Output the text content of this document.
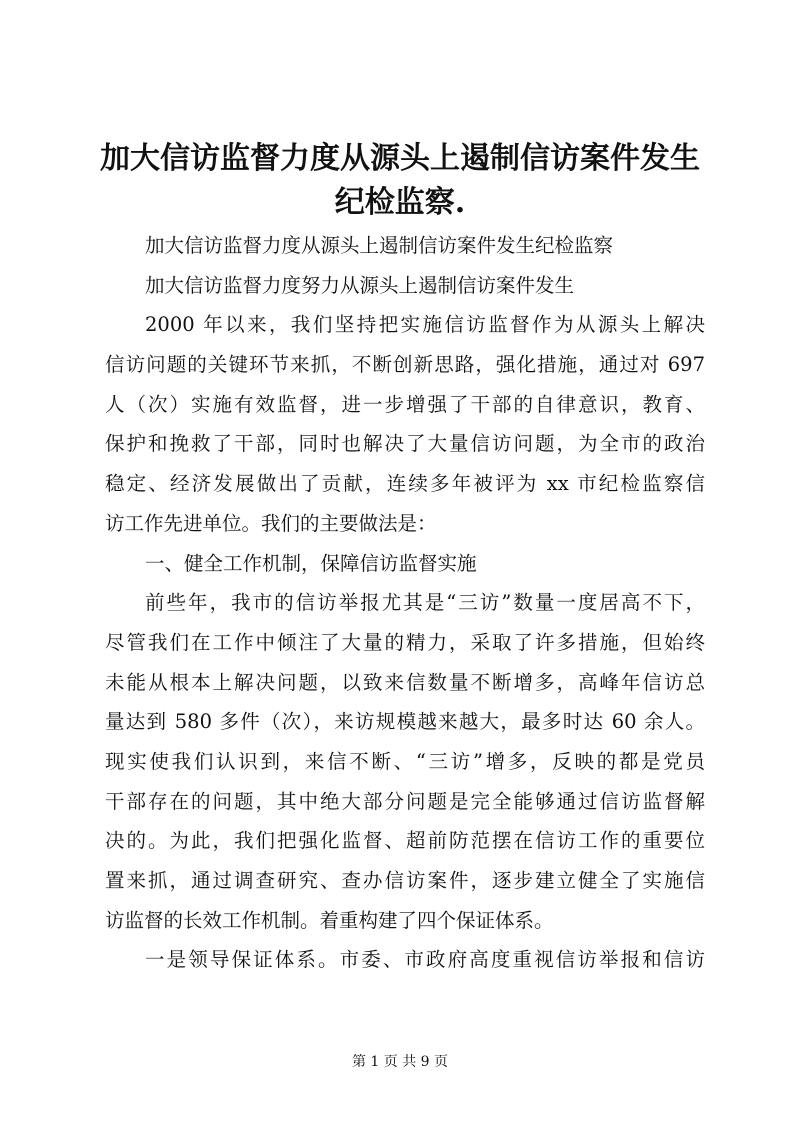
加大信访监督力度从源头上遏制信访案件发生
纪检监察.
加大信访监督力度从源头上遏制信访案件发生纪检监察
加大信访监督力度努力从源头上遏制信访案件发生
2000 年以来，我们坚持把实施信访监督作为从源头上解决
信访问题的关键环节来抓，不断创新思路，强化措施，通过对 697
人（次）实施有效监督，进一步增强了干部的自律意识，教育、
保护和挽救了干部，同时也解决了大量信访问题，为全市的政治
稳定、经济发展做出了贡献，连续多年被评为 xx 市纪检监察信
访工作先进单位。我们的主要做法是：
一、健全工作机制，保障信访监督实施
前些年，我市的信访举报尤其是“三访”数量一度居高不下，
尽管我们在工作中倾注了大量的精力，采取了许多措施，但始终
未能从根本上解决问题，以致来信数量不断增多，高峰年信访总
量达到 580 多件（次），来访规模越来越大，最多时达 60 余人。
现实使我们认识到，来信不断、“三访”增多，反映的都是党员
干部存在的问题，其中绝大部分问题是完全能够通过信访监督解
决的。为此，我们把强化监督、超前防范摆在信访工作的重要位
置来抓，通过调查研究、查办信访案件，逐步建立健全了实施信
访监督的长效工作机制。着重构建了四个保证体系。
一是领导保证体系。市委、市政府高度重视信访举报和信访
第 1 页 共 9 页
